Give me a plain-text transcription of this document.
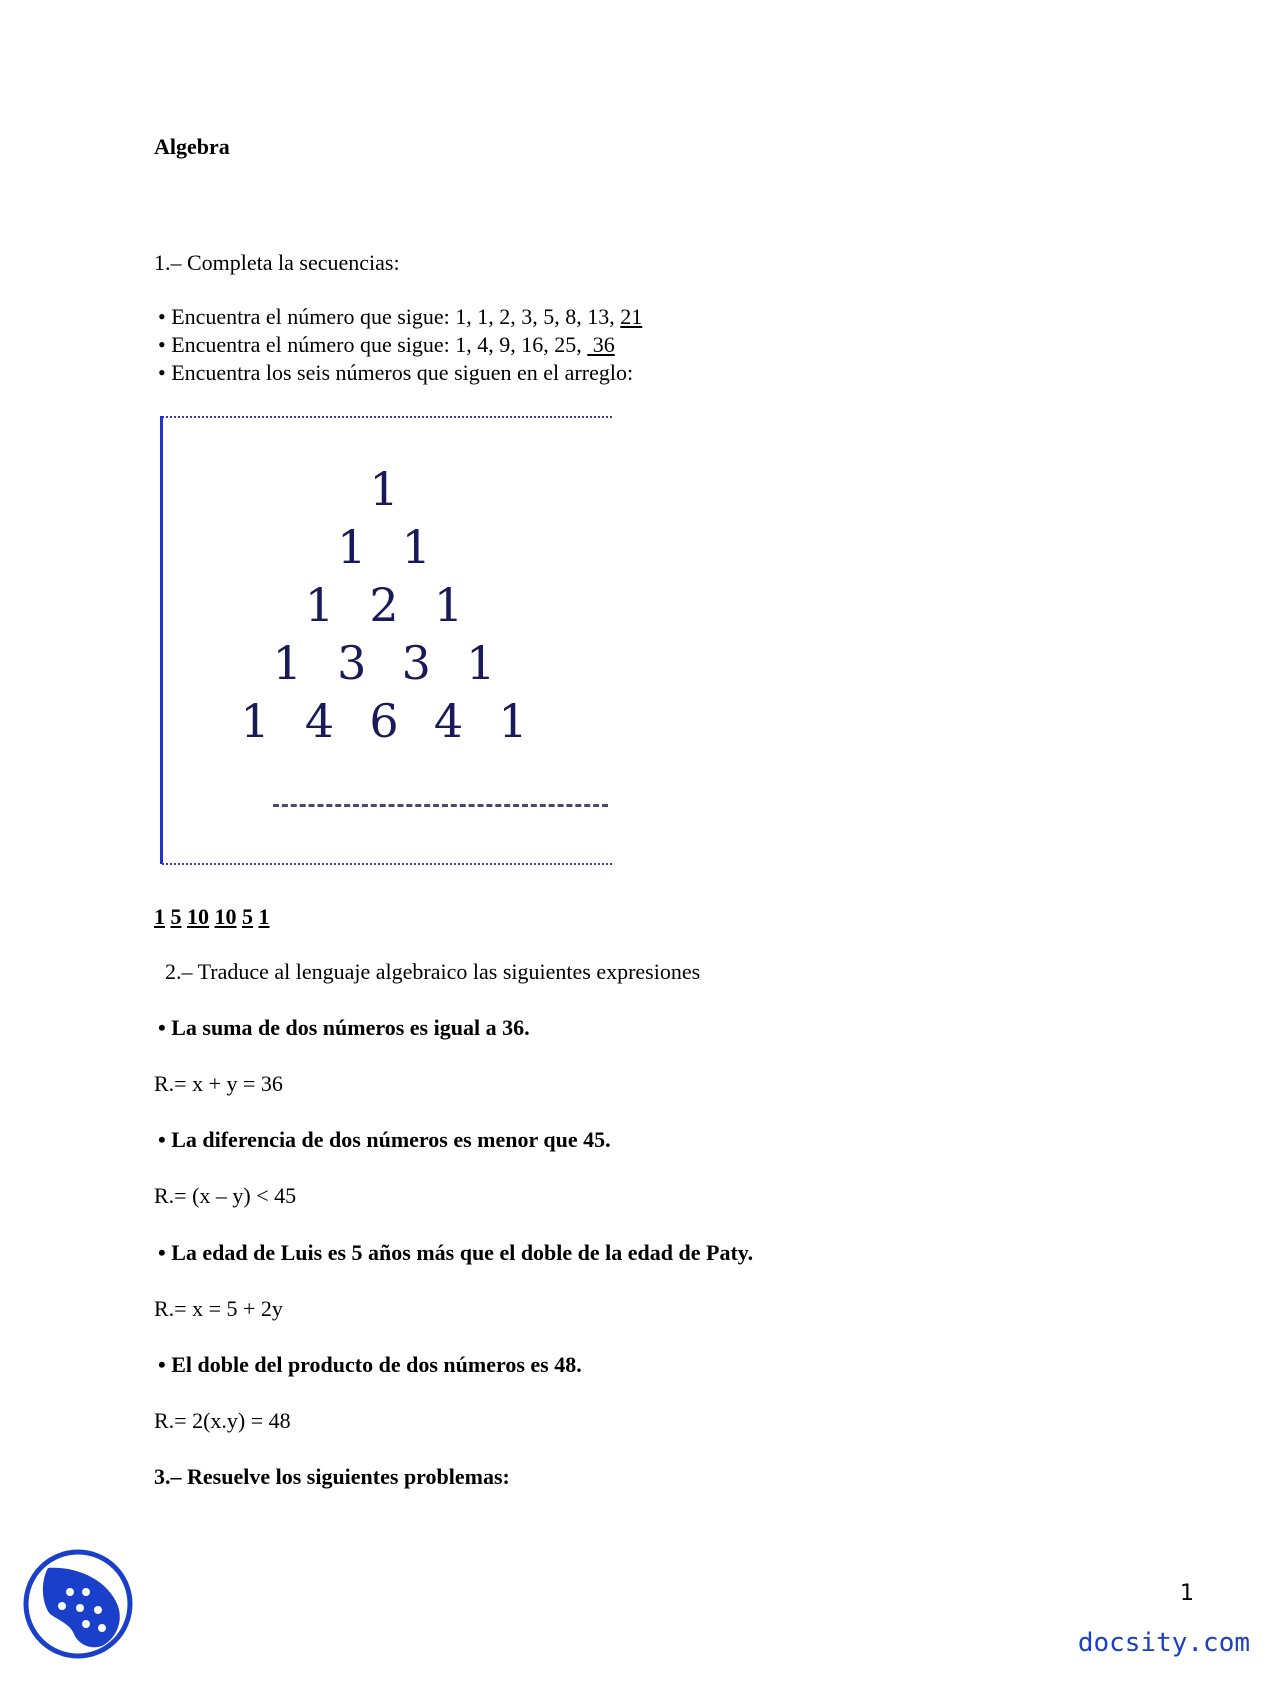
Algebra
1.– Completa la secuencias:
• Encuentra el número que sigue: 1, 1, 2, 3, 5, 8, 13, 21
• Encuentra el número que sigue: 1, 4, 9, 16, 25,  36
• Encuentra los seis números que siguen en el arreglo:
1
1  1
1  2  1
1  3  3  1
1  4  6  4  1
1 5 10 10 5 1
2.– Traduce al lenguaje algebraico las siguientes expresiones
• La suma de dos números es igual a 36.
R.= x + y = 36
• La diferencia de dos números es menor que 45.
R.= (x – y) < 45
• La edad de Luis es 5 años más que el doble de la edad de Paty.
R.= x = 5 + 2y
• El doble del producto de dos números es 48.
R.= 2(x.y) = 48
3.– Resuelve los siguientes problemas:
1
docsity.com
